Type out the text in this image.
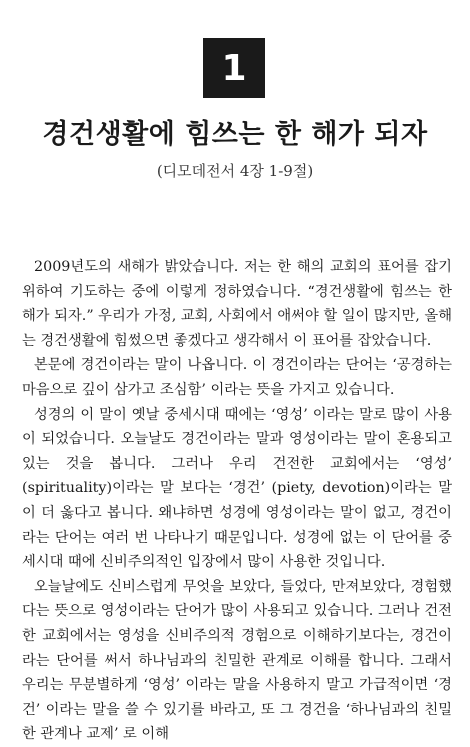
1
경건생활에 힘쓰는 한 해가 되자
(디모데전서 4장 1-9절)

2009년도의 새해가 밝았습니다. 저는 한 해의 교회의 표어를 잡기 위하여 기도하는 중에 이렇게 정하였습니다. “경건생활에 힘쓰는 한 해가 되자.” 우리가 가정, 교회, 사회에서 애써야 할 일이 많지만, 올해는 경건생활에 힘썼으면 좋겠다고 생각해서 이 표어를 잡았습니다.

본문에 경건이라는 말이 나옵니다. 이 경건이라는 단어는 ‘공경하는 마음으로 깊이 삼가고 조심함’ 이라는 뜻을 가지고 있습니다.

성경의 이 말이 옛날 중세시대 때에는 ‘영성’ 이라는 말로 많이 사용이 되었습니다. 오늘날도 경건이라는 말과 영성이라는 말이 혼용되고 있는 것을 봅니다. 그러나 우리 건전한 교회에서는 ‘영성’ (spirituality)이라는 말 보다는 ‘경건’ (piety, devotion)이라는 말이 더 옳다고 봅니다. 왜냐하면 성경에 영성이라는 말이 없고, 경건이라는 단어는 여러 번 나타나기 때문입니다. 성경에 없는 이 단어를 중세시대 때에 신비주의적인 입장에서 많이 사용한 것입니다.

오늘날에도 신비스럽게 무엇을 보았다, 들었다, 만져보았다, 경험했다는 뜻으로 영성이라는 단어가 많이 사용되고 있습니다. 그러나 건전한 교회에서는 영성을 신비주의적 경험으로 이해하기보다는, 경건이라는 단어를 써서 하나님과의 친밀한 관계로 이해를 합니다. 그래서 우리는 무분별하게 ‘영성’ 이라는 말을 사용하지 말고 가급적이면 ‘경건’ 이라는 말을 쓸 수 있기를 바라고, 또 그 경건을 ‘하나님과의 친밀한 관계나 교제’ 로 이해
